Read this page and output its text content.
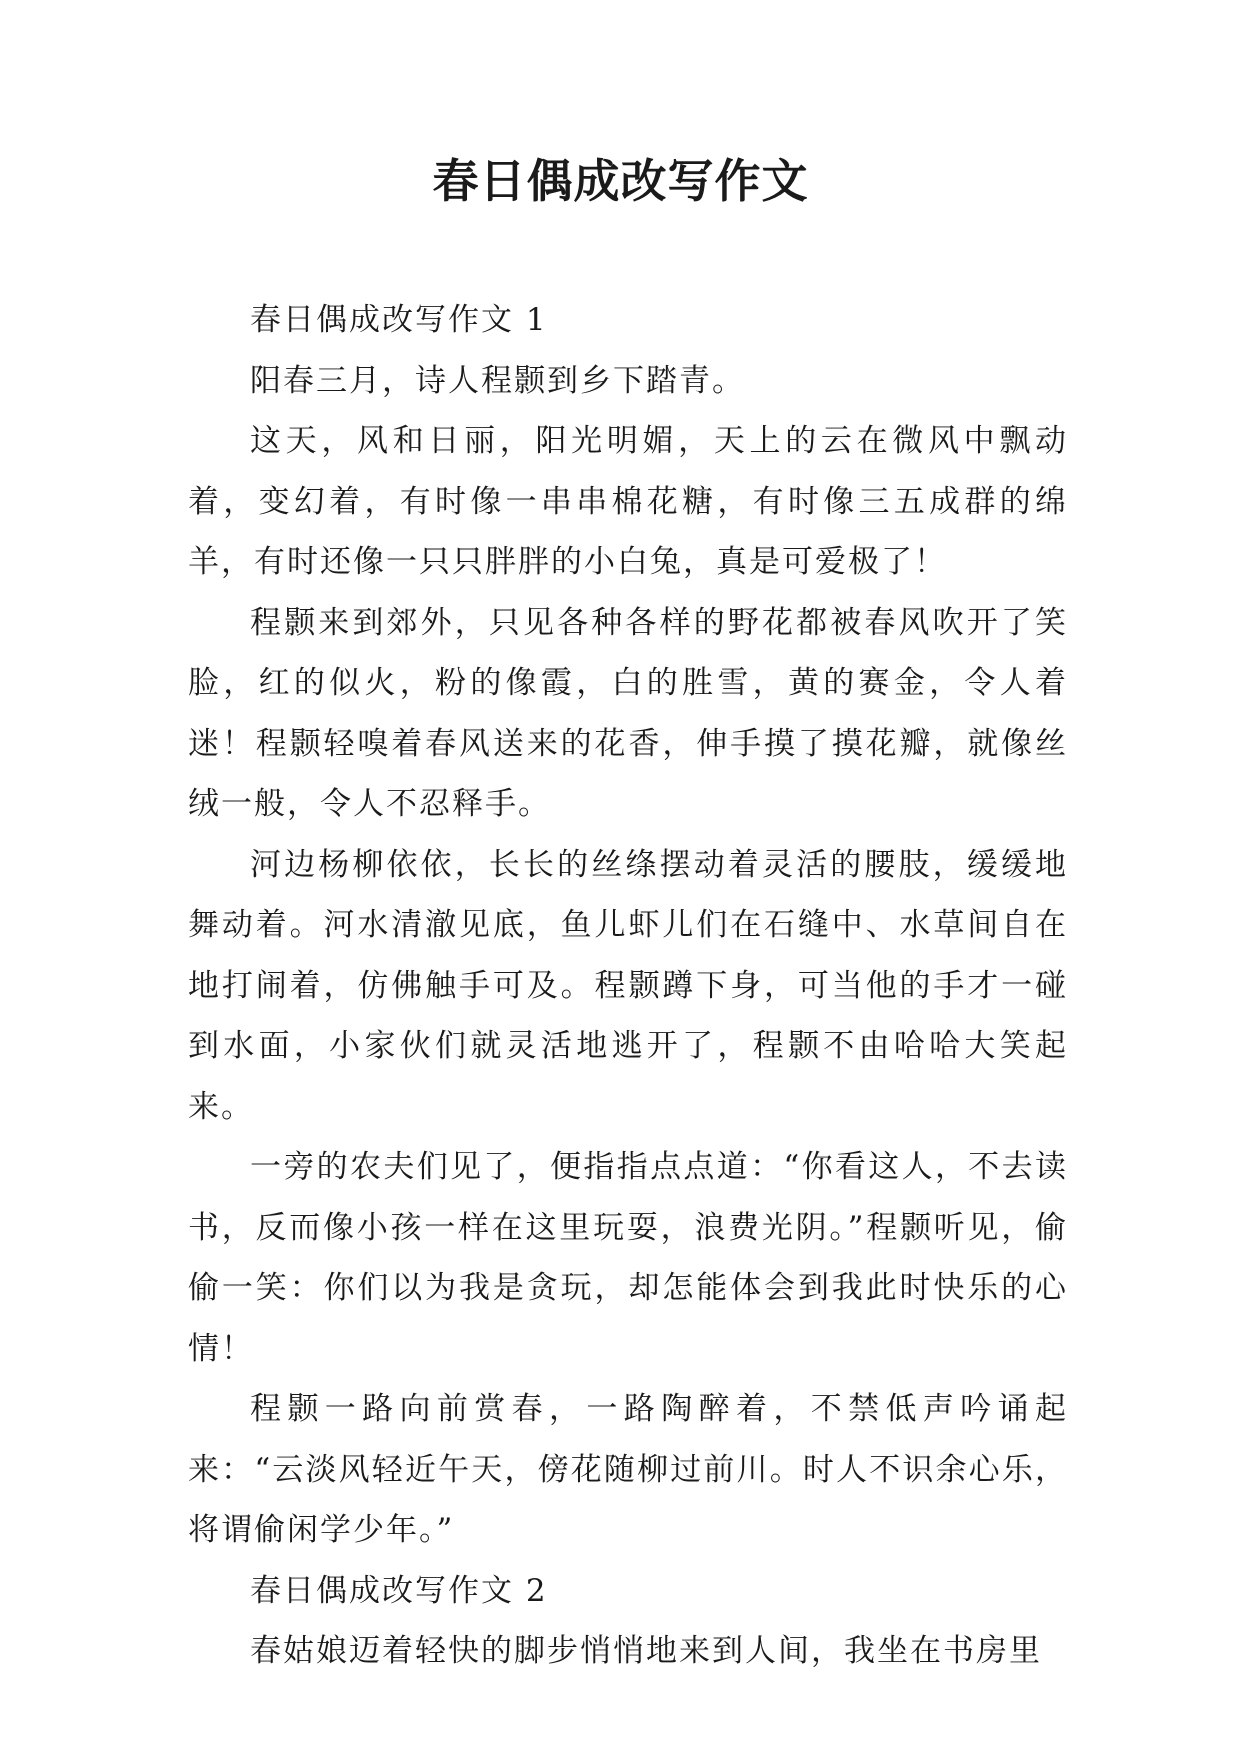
春日偶成改写作文

春日偶成改写作文 1

阳春三月，诗人程颢到乡下踏青。

这天，风和日丽，阳光明媚，天上的云在微风中飘动着，变幻着，有时像一串串棉花糖，有时像三五成群的绵羊，有时还像一只只胖胖的小白兔，真是可爱极了！

程颢来到郊外，只见各种各样的野花都被春风吹开了笑脸，红的似火，粉的像霞，白的胜雪，黄的赛金，令人着迷！程颢轻嗅着春风送来的花香，伸手摸了摸花瓣，就像丝绒一般，令人不忍释手。

河边杨柳依依，长长的丝绦摆动着灵活的腰肢，缓缓地舞动着。河水清澈见底，鱼儿虾儿们在石缝中、水草间自在地打闹着，仿佛触手可及。程颢蹲下身，可当他的手才一碰到水面，小家伙们就灵活地逃开了，程颢不由哈哈大笑起来。

一旁的农夫们见了，便指指点点道：“你看这人，不去读书，反而像小孩一样在这里玩耍，浪费光阴。”程颢听见，偷偷一笑：你们以为我是贪玩，却怎能体会到我此时快乐的心情！

程颢一路向前赏春，一路陶醉着，不禁低声吟诵起来：“云淡风轻近午天，傍花随柳过前川。时人不识余心乐，将谓偷闲学少年。”

春日偶成改写作文 2

春姑娘迈着轻快的脚步悄悄地来到人间，我坐在书房里
